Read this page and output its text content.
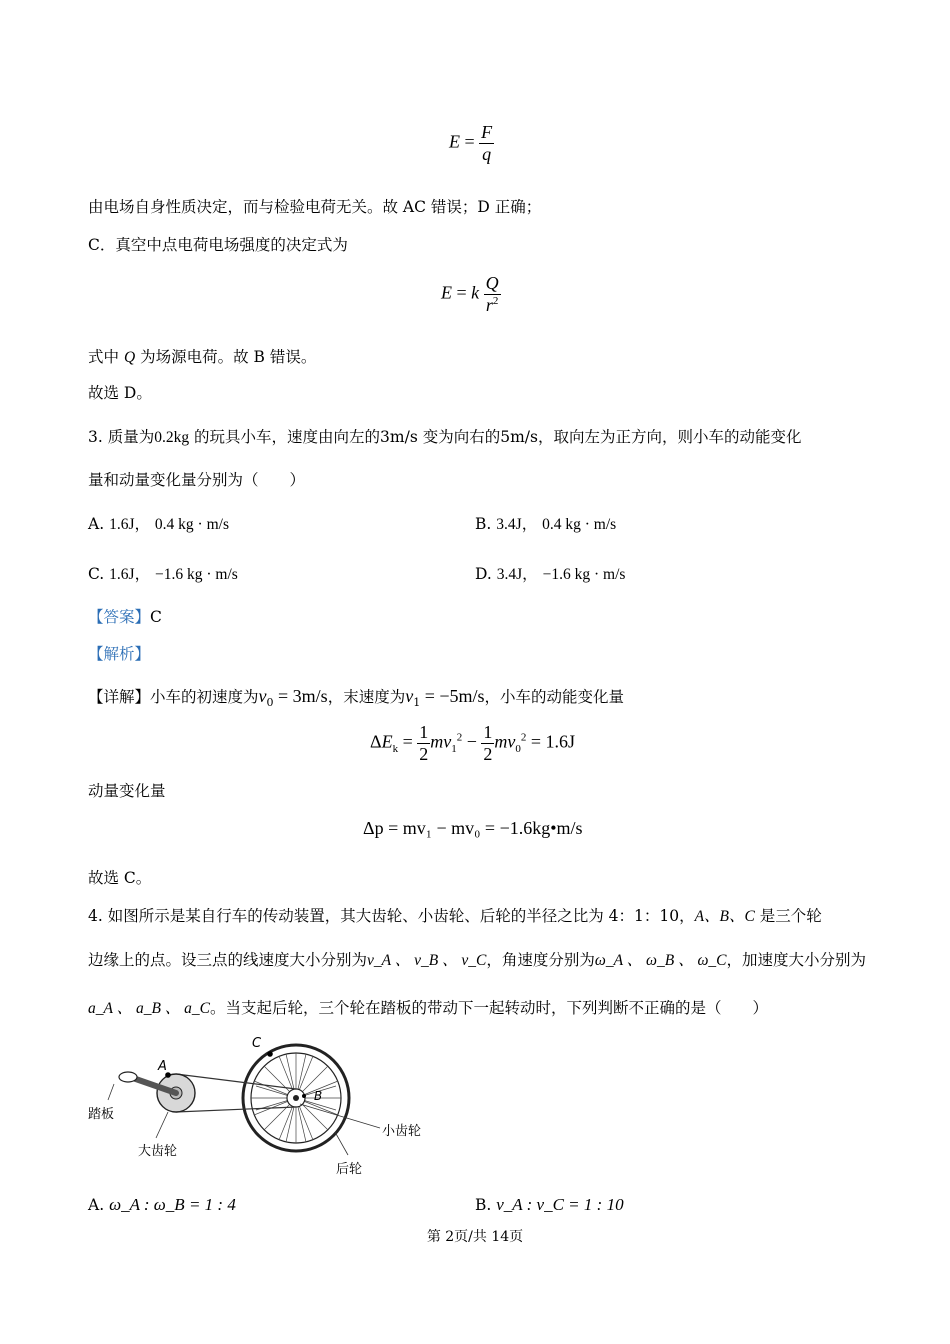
$E = \frac{F}{q}$
由电场自身性质决定，而与检验电荷无关。故 AC 错误；D 正确；
C．真空中点电荷电场强度的决定式为
E = k $\frac{Q}{r^2}$
式中 Q 为场源电荷。故 B 错误。
故选 D。
3. 质量为0.2kg 的玩具小车，速度由向左的3m/s 变为向右的5m/s，取向左为正方向，则小车的动能变化
量和动量变化量分别为（　　）
A. 1.6J， 0.4 kg · m/s	B. 3.4J， 0.4 kg · m/s
C. 1.6J， −1.6 kg · m/s	D. 3.4J， −1.6 kg · m/s
【答案】C
【解析】
【详解】小车的初速度为$v_0 = 3m/s$，末速度为$v_1 = -5m/s$，小车的动能变化量
$\Delta E_k = \frac{1}{2} mv_1^2 - \frac{1}{2} mv_0^2 = 1.6J$
动量变化量
Δp = mv₁ − mv₀ = −1.6kg•m/s
故选 C。
4. 如图所示是某自行车的传动装置，其大齿轮、小齿轮、后轮的半径之比为 4：1：10，A、B、C 是三个轮
边缘上的点。设三点的线速度大小分别为v_A 、 v_B 、 v_C，角速度分别为ω_A 、 ω_B 、 ω_C，加速度大小分别为
a_A 、 a_B 、 a_C。当支起后轮，三个轮在踏板的带动下一起转动时，下列判断不正确的是（　　）
A
C
B
踏板
大齿轮
小齿轮
后轮
A. ω_A : ω_B = 1 : 4	B. v_A : v_C = 1 : 10
第 2页/共 14页
